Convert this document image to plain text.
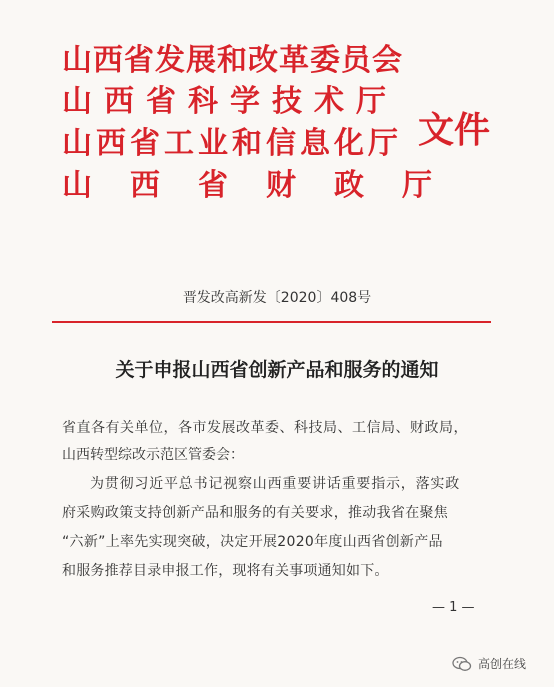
山西省发展和改革委员会
山西省科学技术厅
山西省工业和信息化厅
山西省财政厅
文件
晋发改高新发〔2020〕408号
关于申报山西省创新产品和服务的通知
省直各有关单位，各市发展改革委、科技局、工信局、财政局，
山西转型综改示范区管委会：
为贯彻习近平总书记视察山西重要讲话重要指示，落实政
府采购政策支持创新产品和服务的有关要求，推动我省在聚焦
“六新”上率先实现突破，决定开展2020年度山西省创新产品
和服务推荐目录申报工作，现将有关事项通知如下。
— 1 —
高创在线
